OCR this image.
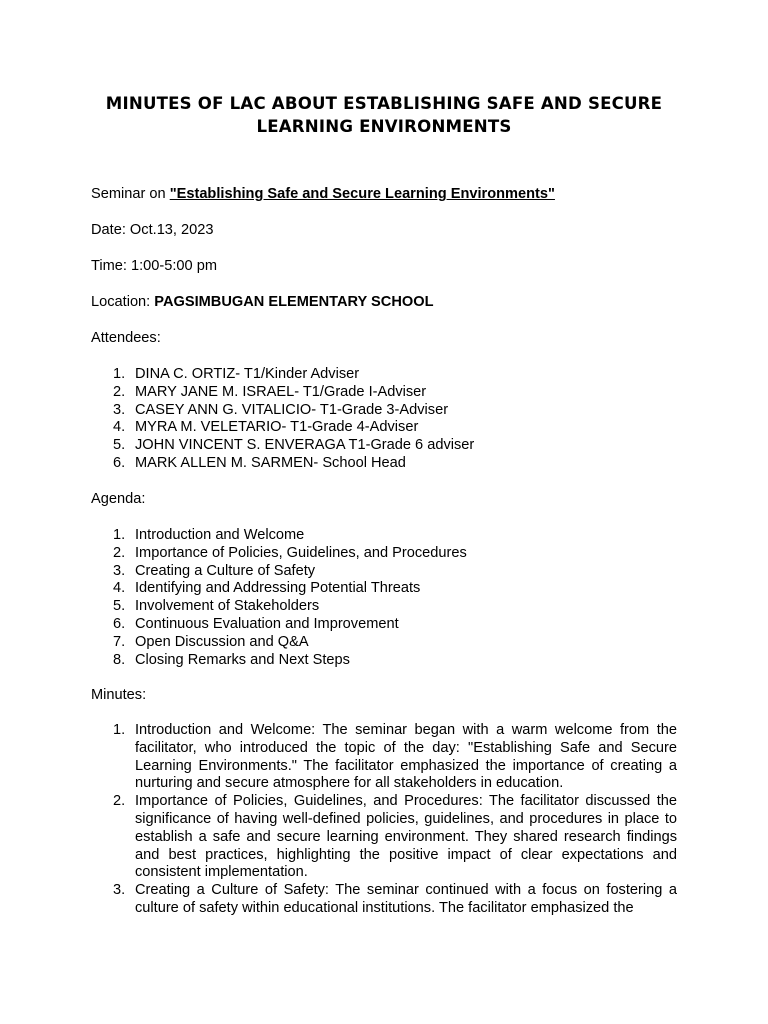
MINUTES OF LAC ABOUT ESTABLISHING SAFE AND SECURE LEARNING ENVIRONMENTS
Seminar on "Establishing Safe and Secure Learning Environments"
Date: Oct.13, 2023
Time: 1:00-5:00 pm
Location: PAGSIMBUGAN ELEMENTARY SCHOOL
Attendees:
1. DINA C. ORTIZ- T1/Kinder Adviser
2. MARY JANE M. ISRAEL- T1/Grade I-Adviser
3. CASEY ANN G. VITALICIO- T1-Grade 3-Adviser
4. MYRA M. VELETARIO- T1-Grade 4-Adviser
5. JOHN VINCENT S. ENVERAGA T1-Grade 6 adviser
6. MARK ALLEN M. SARMEN- School Head
Agenda:
1. Introduction and Welcome
2. Importance of Policies, Guidelines, and Procedures
3. Creating a Culture of Safety
4. Identifying and Addressing Potential Threats
5. Involvement of Stakeholders
6. Continuous Evaluation and Improvement
7. Open Discussion and Q&A
8. Closing Remarks and Next Steps
Minutes:
1. Introduction and Welcome: The seminar began with a warm welcome from the facilitator, who introduced the topic of the day: "Establishing Safe and Secure Learning Environments." The facilitator emphasized the importance of creating a nurturing and secure atmosphere for all stakeholders in education.
2. Importance of Policies, Guidelines, and Procedures: The facilitator discussed the significance of having well-defined policies, guidelines, and procedures in place to establish a safe and secure learning environment. They shared research findings and best practices, highlighting the positive impact of clear expectations and consistent implementation.
3. Creating a Culture of Safety: The seminar continued with a focus on fostering a culture of safety within educational institutions. The facilitator emphasized the
